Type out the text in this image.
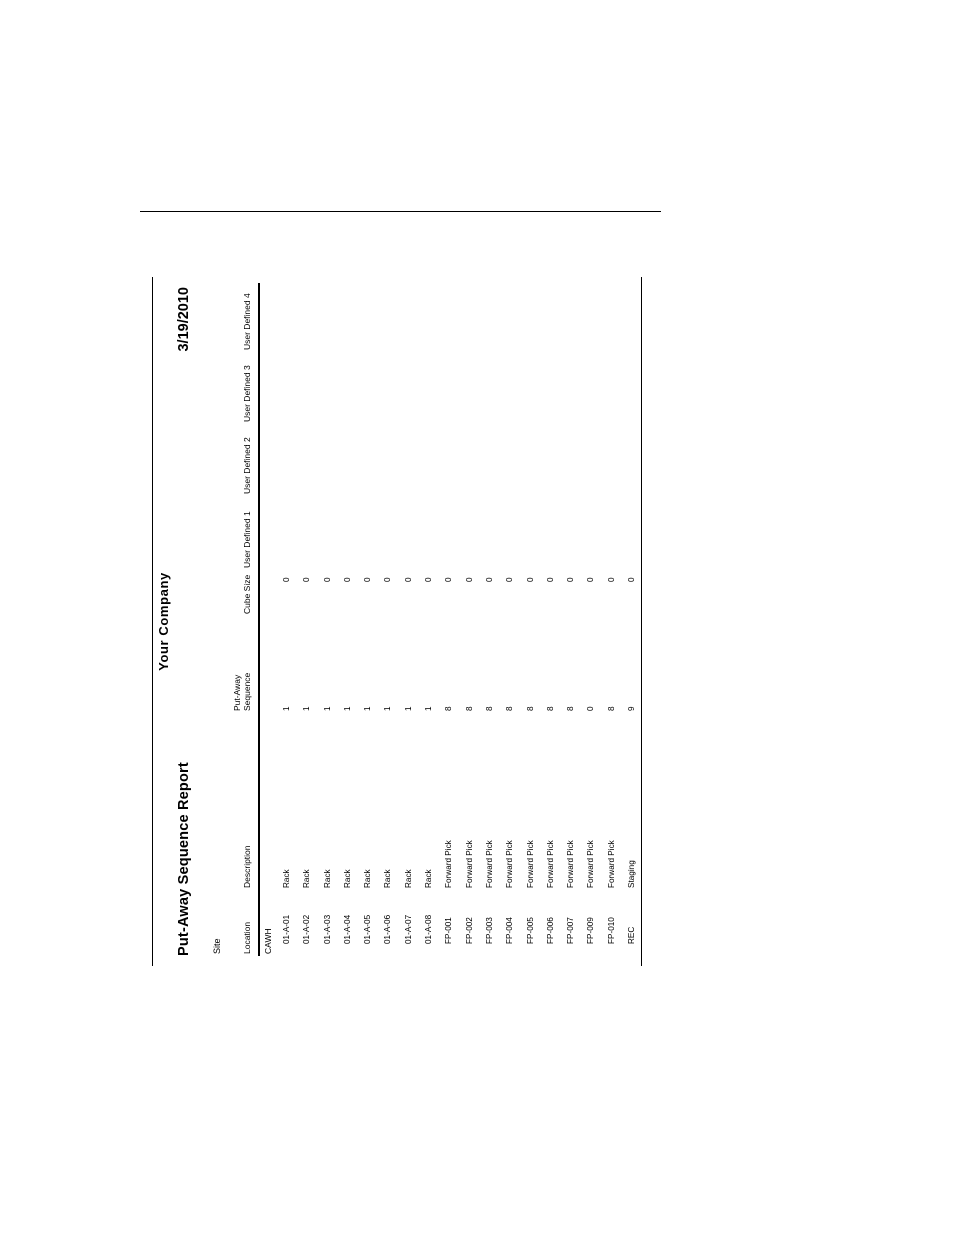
Your Company
Put-Away Sequence Report
3/19/2010
Site Location
Description
Put-Away
Sequence
Cube Size
User Defined 1
User Defined 2
User Defined 3
User Defined 4
CAWH 01-A-01
Rack
1
0
01-A-02
Rack
1
0
01-A-03
Rack
1
0
01-A-04
Rack
1
0
01-A-05
Rack
1
0
01-A-06
Rack
1
0
01-A-07
Rack
1
0
01-A-08
Rack
1
0
FP-001
Forward Pick
8
0
FP-002
Forward Pick
8
0
FP-003
Forward Pick
8
0
FP-004
Forward Pick
8
0
FP-005
Forward Pick
8
0
FP-006
Forward Pick
8
0
FP-007
Forward Pick
8
0
FP-009
Forward Pick
0
0
FP-010
Forward Pick
8
0
REC
Staging
9
0
